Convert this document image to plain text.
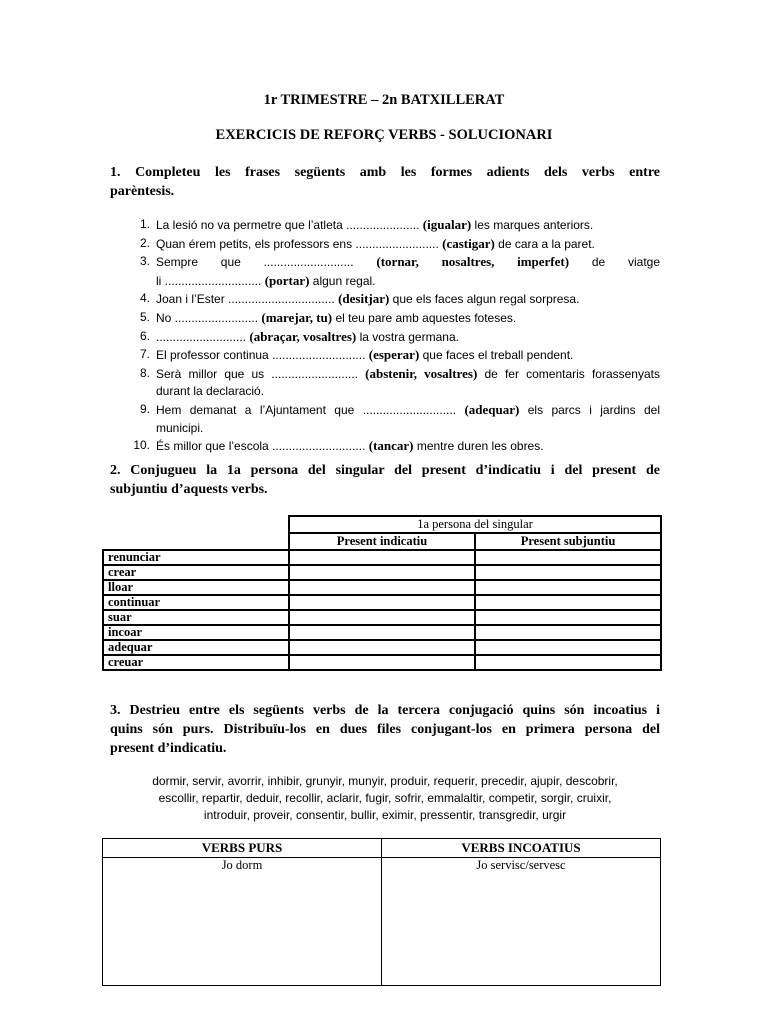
1r TRIMESTRE – 2n BATXILLERAT
EXERCICIS DE REFORÇ VERBS - SOLUCIONARI
1. Completeu les frases següents amb les formes adients dels verbs entre
parèntesis.
1. La lesió no va permetre que l’atleta ...................... (igualar) les marques anteriors.
2. Quan érem petits, els professors ens ......................... (castigar) de cara a la paret.
3. Sempre que ........................... (tornar, nosaltres, imperfet) de viatge
li ............................. (portar) algun regal.
4. Joan i l’Ester ................................ (desitjar) que els faces algun regal sorpresa.
5. No ......................... (marejar, tu) el teu pare amb aquestes foteses.
6. ........................... (abraçar, vosaltres) la vostra germana.
7. El professor continua ............................ (esperar) que faces el treball pendent.
8. Serà millor que us .......................... (abstenir, vosaltres) de fer comentaris forassenyats
durant la declaració.
9. Hem demanat a l’Ajuntament que ............................ (adequar) els parcs i jardins del
municipi.
10. És millor que l’escola ............................ (tancar) mentre duren les obres.
2. Conjugueu la 1a persona del singular del present d’indicatiu i del present de
subjuntiu d’aquests verbs.
	1a persona del singular	
	Present indicatiu	Present subjuntiu
renunciar		
crear		
lloar		
continuar		
suar		
incoar		
adequar		
creuar		
3. Destrieu entre els següents verbs de la tercera conjugació quins són incoatius i
quins són purs. Distribuïu-los en dues files conjugant-los en primera persona del
present d’indicatiu.
dormir, servir, avorrir, inhibir, grunyir, munyir, produir, requerir, precedir, ajupir, descobrir,
escollir, repartir, deduir, recollir, aclarir, fugir, sofrir, emmalaltir, competir, sorgir, cruixir,
introduir, proveir, consentir, bullir, eximir, pressentir, transgredir, urgir
VERBS PURS	VERBS INCOATIUS
Jo dorm	Jo servisc/servesc
